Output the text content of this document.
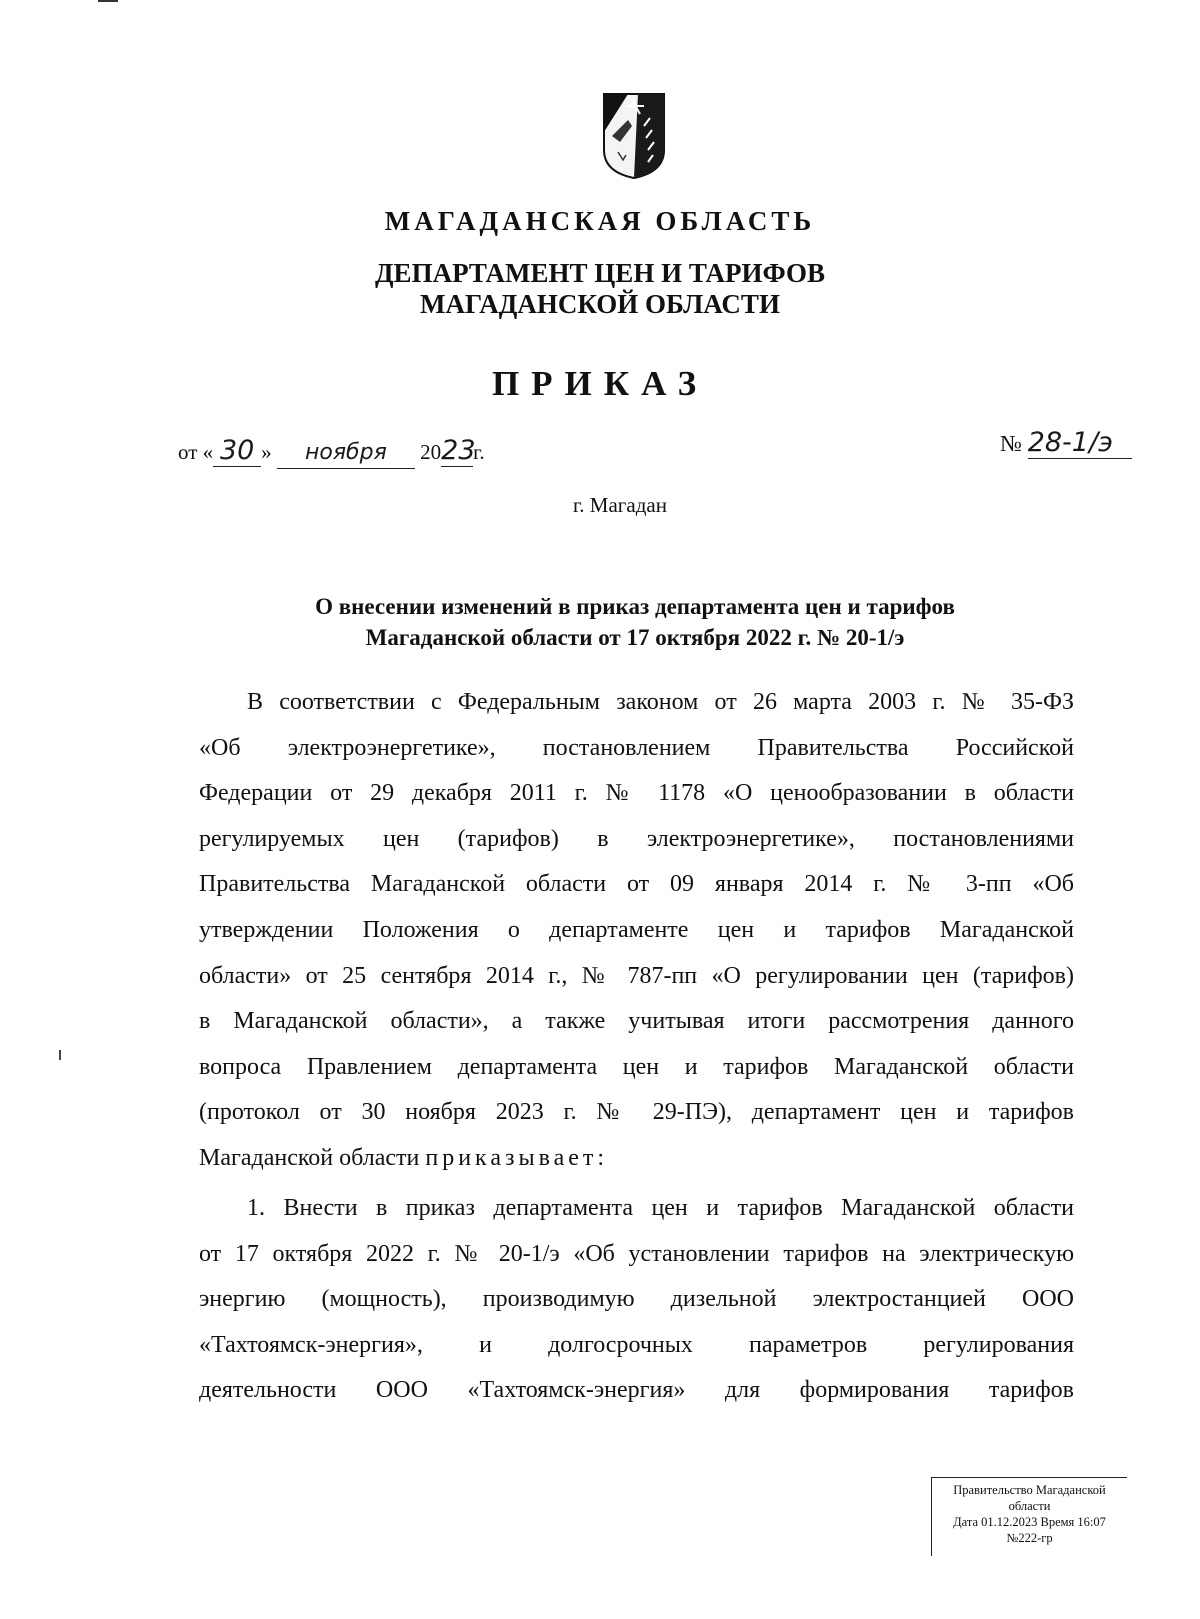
МАГАДАНСКАЯ ОБЛАСТЬ
ДЕПАРТАМЕНТ ЦЕН И ТАРИФОВ
МАГАДАНСКОЙ ОБЛАСТИ
ПРИКАЗ
от « 30 » ноября 2023г.	№ 28-1/э
г. Магадан
О внесении изменений в приказ департамента цен и тарифов
Магаданской области от 17 октября 2022 г. № 20-1/э

В соответствии с Федеральным законом от 26 марта 2003 г. № 35-ФЗ

«Об электроэнергетике», постановлением Правительства Российской

Федерации от 29 декабря 2011 г. № 1178 «О ценообразовании в области

регулируемых цен (тарифов) в электроэнергетике», постановлениями

Правительства Магаданской области от 09 января 2014 г. № 3-пп «Об

утверждении Положения о департаменте цен и тарифов Магаданской

области» от 25 сентября 2014 г., № 787-пп «О регулировании цен (тарифов)

в Магаданской области», а также учитывая итоги рассмотрения данного

вопроса Правлением департамента цен и тарифов Магаданской области

(протокол от 30 ноября 2023 г. № 29-ПЭ), департамент цен и тарифов

Магаданской области приказывает:

1. Внести в приказ департамента цен и тарифов Магаданской области

от 17 октября 2022 г. № 20-1/э «Об установлении тарифов на электрическую

энергию (мощность), производимую дизельной электростанцией ООО

«Тахтоямск-энергия», и долгосрочных параметров регулирования

деятельности ООО «Тахтоямск-энергия» для формирования тарифов

Правительство Магаданской
области
Дата 01.12.2023 Время 16:07
№222-гр
